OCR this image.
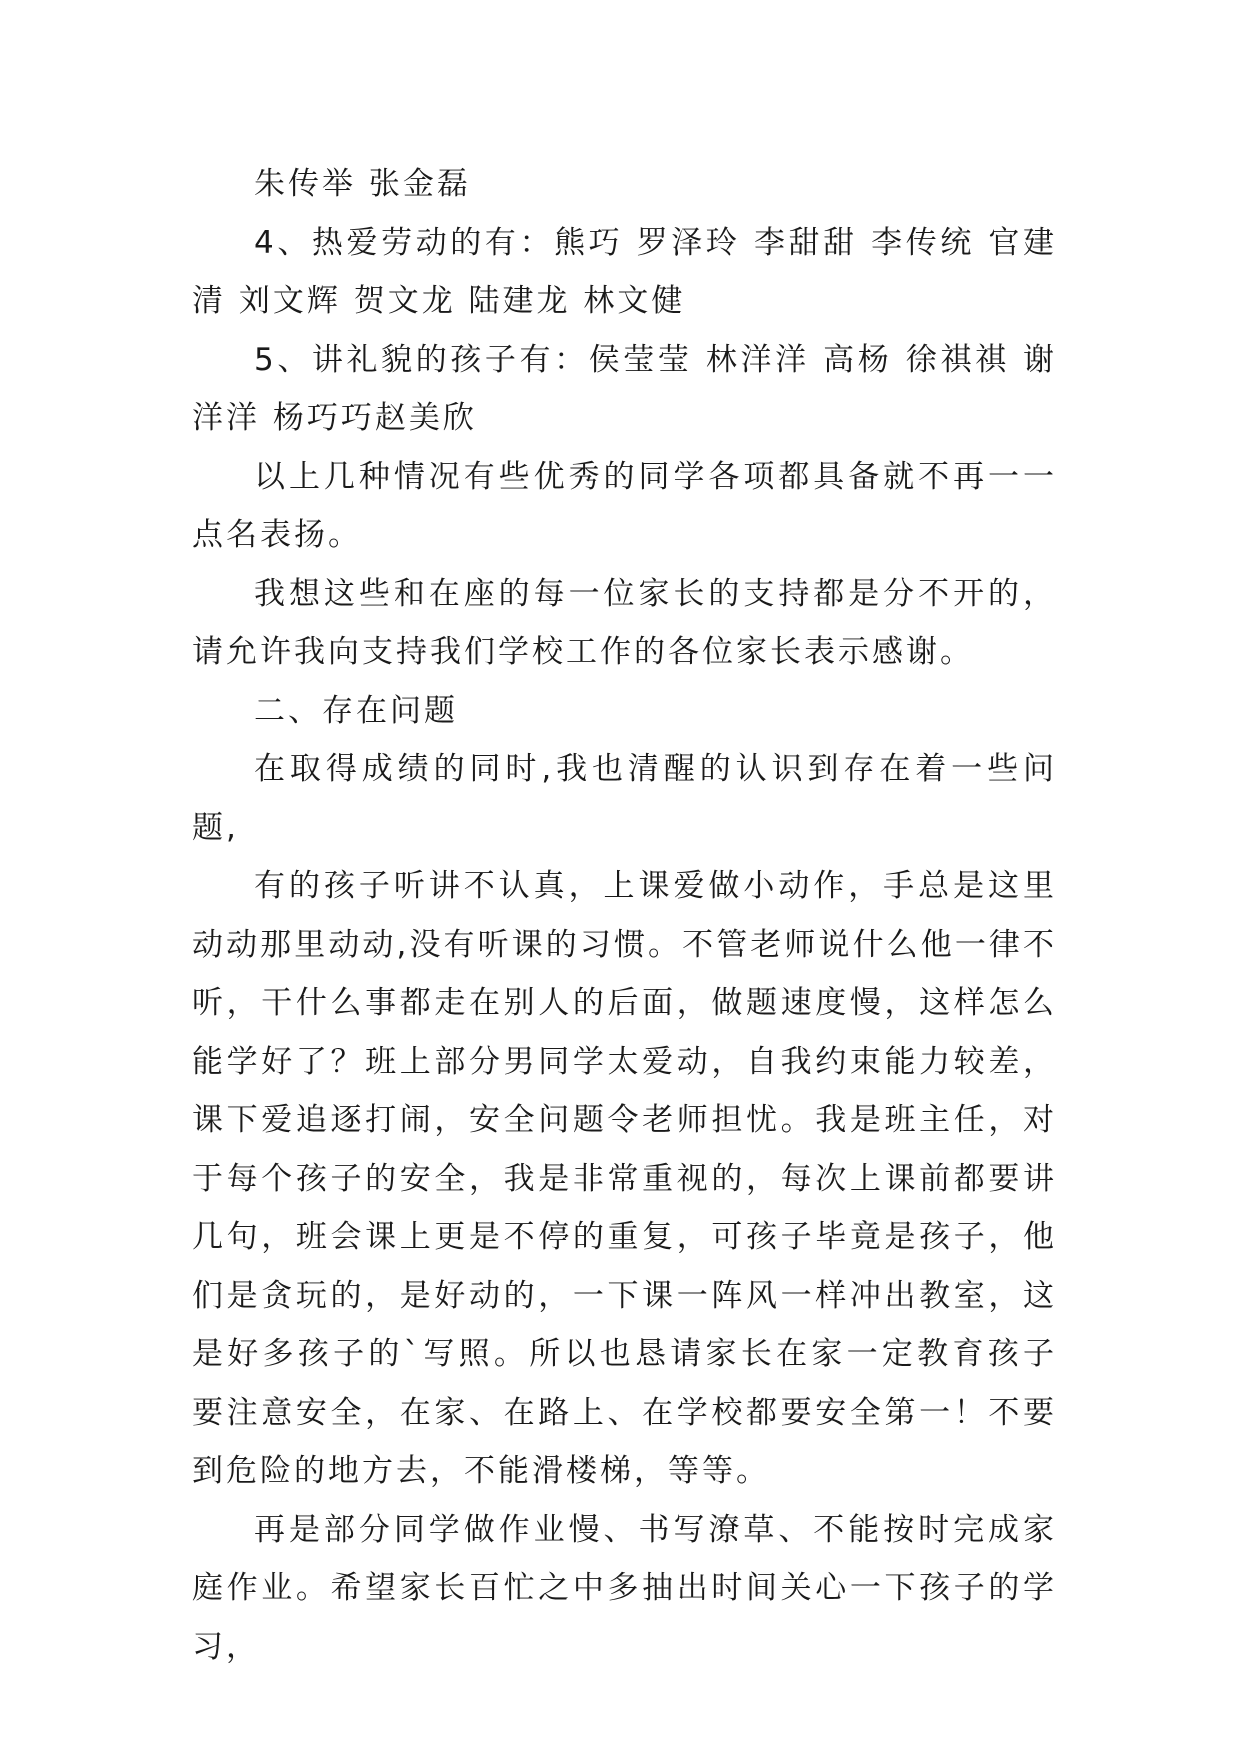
朱传举 张金磊

4、热爱劳动的有：熊巧 罗泽玲 李甜甜 李传统 官建清 刘文辉 贺文龙 陆建龙 林文健

5、讲礼貌的孩子有：侯莹莹 林洋洋 高杨 徐祺祺 谢洋洋 杨巧巧赵美欣

以上几种情况有些优秀的同学各项都具备就不再一一点名表扬。

我想这些和在座的每一位家长的支持都是分不开的，请允许我向支持我们学校工作的各位家长表示感谢。

二、存在问题

在取得成绩的同时,我也清醒的认识到存在着一些问题,

有的孩子听讲不认真，上课爱做小动作，手总是这里动动那里动动,没有听课的习惯。不管老师说什么他一律不听，干什么事都走在别人的后面，做题速度慢，这样怎么能学好了？班上部分男同学太爱动，自我约束能力较差，课下爱追逐打闹，安全问题令老师担忧。我是班主任，对于每个孩子的安全，我是非常重视的，每次上课前都要讲几句，班会课上更是不停的重复，可孩子毕竟是孩子，他们是贪玩的，是好动的，一下课一阵风一样冲出教室，这是好多孩子的`写照。所以也恳请家长在家一定教育孩子要注意安全，在家、在路上、在学校都要安全第一！不要到危险的地方去，不能滑楼梯，等等。

再是部分同学做作业慢、书写潦草、不能按时完成家庭作业。希望家长百忙之中多抽出时间关心一下孩子的学习，
